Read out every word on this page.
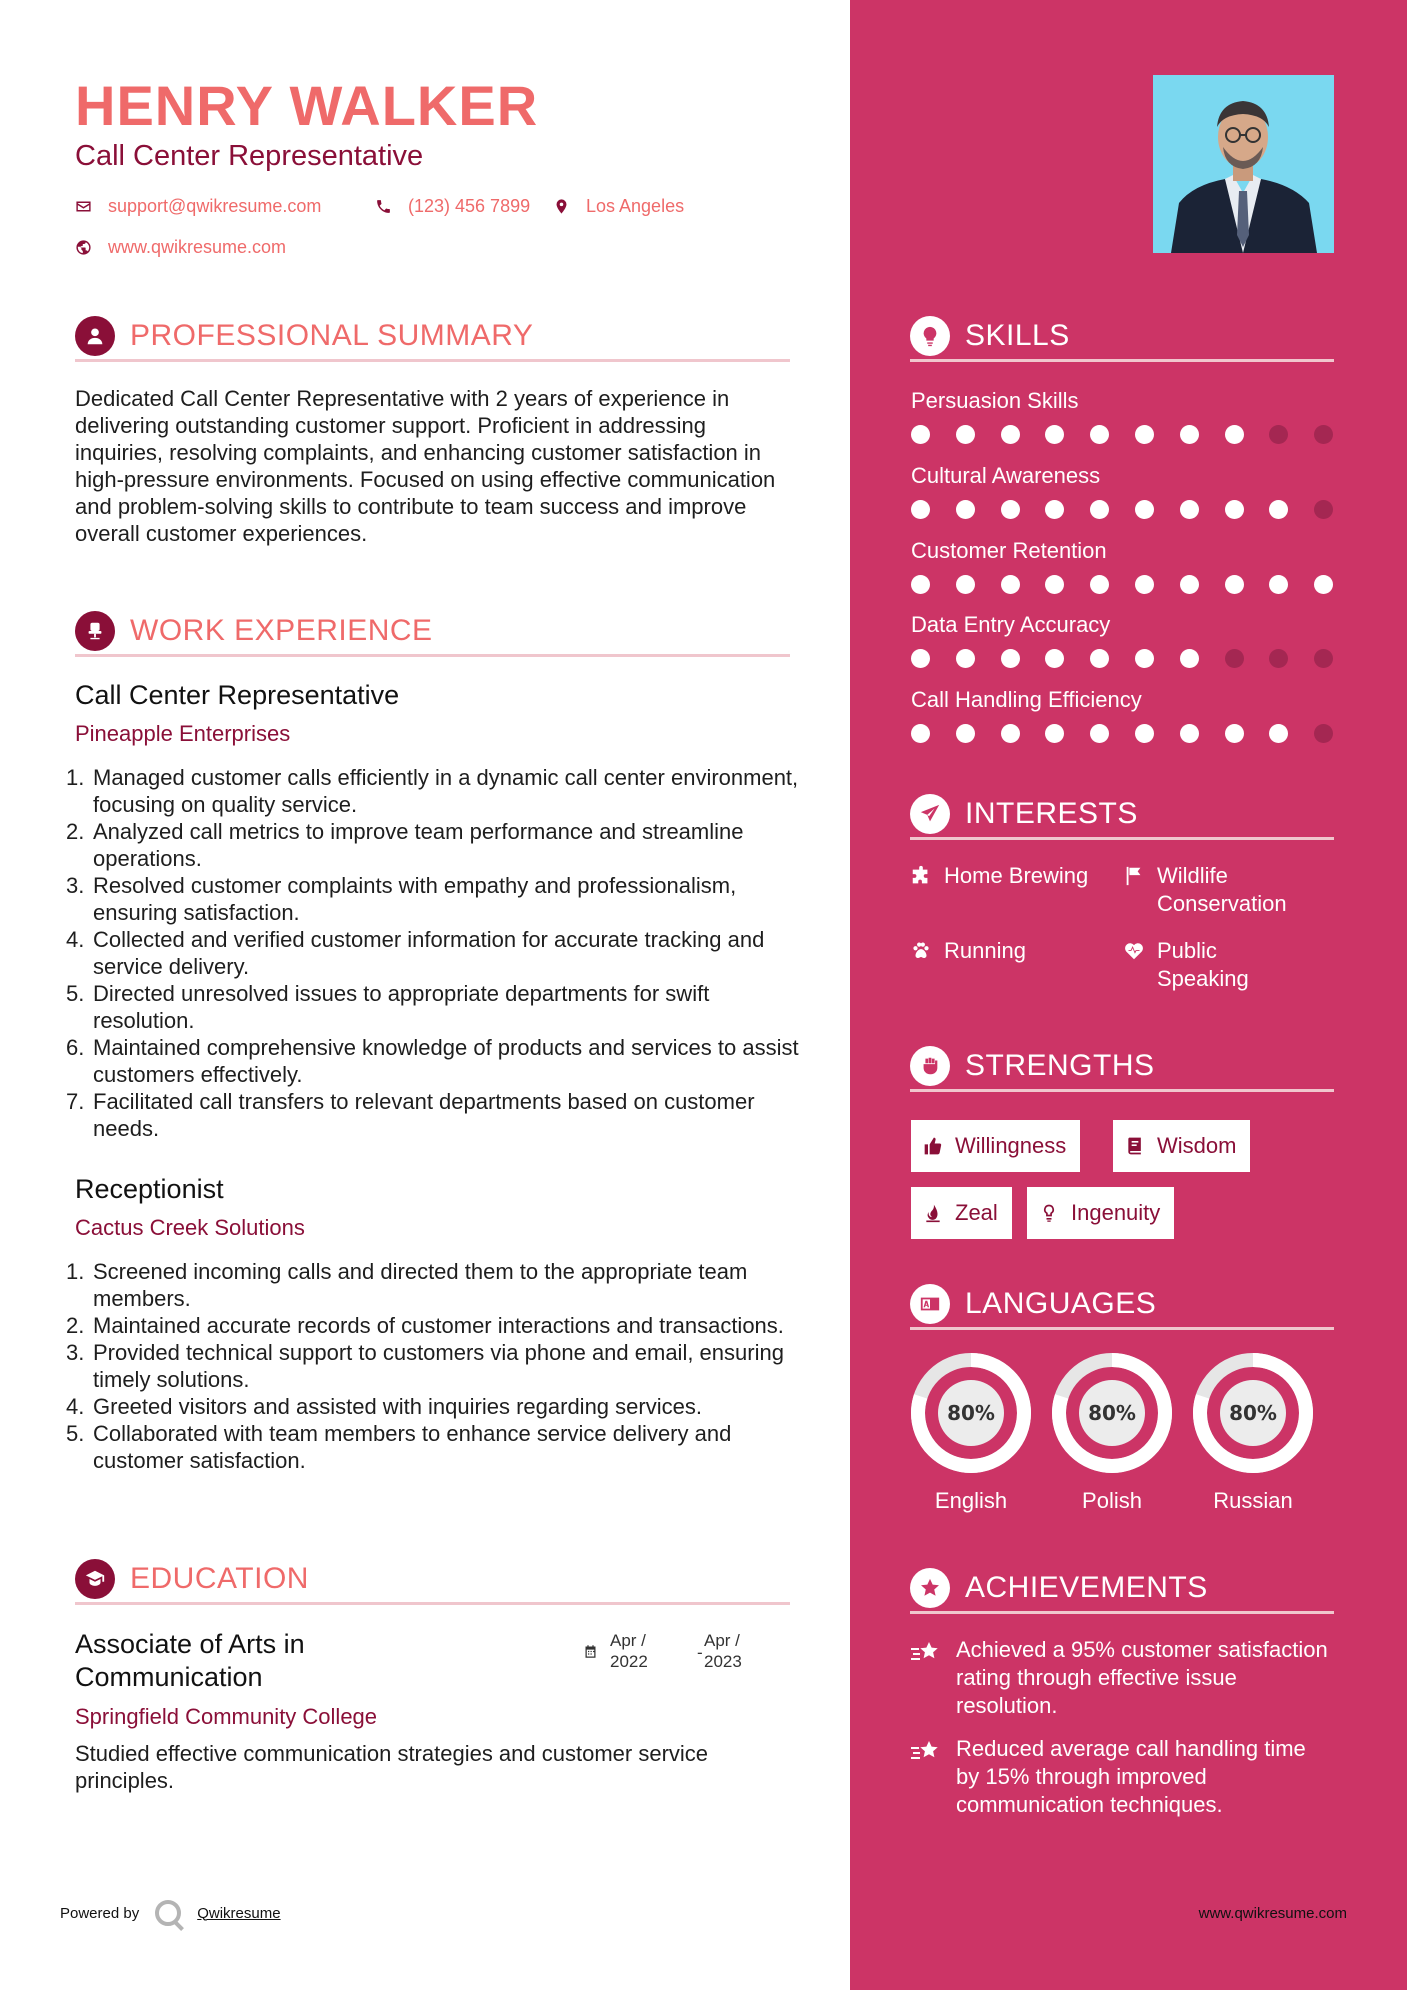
HENRY WALKER
Call Center Representative
support@qwikresume.com	(123) 456 7899	Los Angeles
www.qwikresume.com
PROFESSIONAL SUMMARY
Dedicated Call Center Representative with 2 years of experience in delivering outstanding customer support. Proficient in addressing inquiries, resolving complaints, and enhancing customer satisfaction in high-pressure environments. Focused on using effective communication and problem-solving skills to contribute to team success and improve overall customer experiences.
WORK EXPERIENCE
Call Center Representative
Pineapple Enterprises
1. Managed customer calls efficiently in a dynamic call center environment, focusing on quality service.
2. Analyzed call metrics to improve team performance and streamline operations.
3. Resolved customer complaints with empathy and professionalism, ensuring satisfaction.
4. Collected and verified customer information for accurate tracking and service delivery.
5. Directed unresolved issues to appropriate departments for swift resolution.
6. Maintained comprehensive knowledge of products and services to assist customers effectively.
7. Facilitated call transfers to relevant departments based on customer needs.
Receptionist
Cactus Creek Solutions
1. Screened incoming calls and directed them to the appropriate team members.
2. Maintained accurate records of customer interactions and transactions.
3. Provided technical support to customers via phone and email, ensuring timely solutions.
4. Greeted visitors and assisted with inquiries regarding services.
5. Collaborated with team members to enhance service delivery and customer satisfaction.
EDUCATION
Associate of Arts in Communication
Apr /
2022	-
Apr /
2023
Springfield Community College
Studied effective communication strategies and customer service principles.
Powered by	Qwikresume
SKILLS
Persuasion Skills
Cultural Awareness
Customer Retention
Data Entry Accuracy
Call Handling Efficiency
INTERESTS
Home Brewing	Wildlife Conservation
Running	Public Speaking
STRENGTHS
Willingness	Wisdom
Zeal	Ingenuity
LANGUAGES
80%
English
80%
Polish
80%
Russian
ACHIEVEMENTS
Achieved a 95% customer satisfaction rating through effective issue resolution.
Reduced average call handling time by 15% through improved communication techniques.
www.qwikresume.com
